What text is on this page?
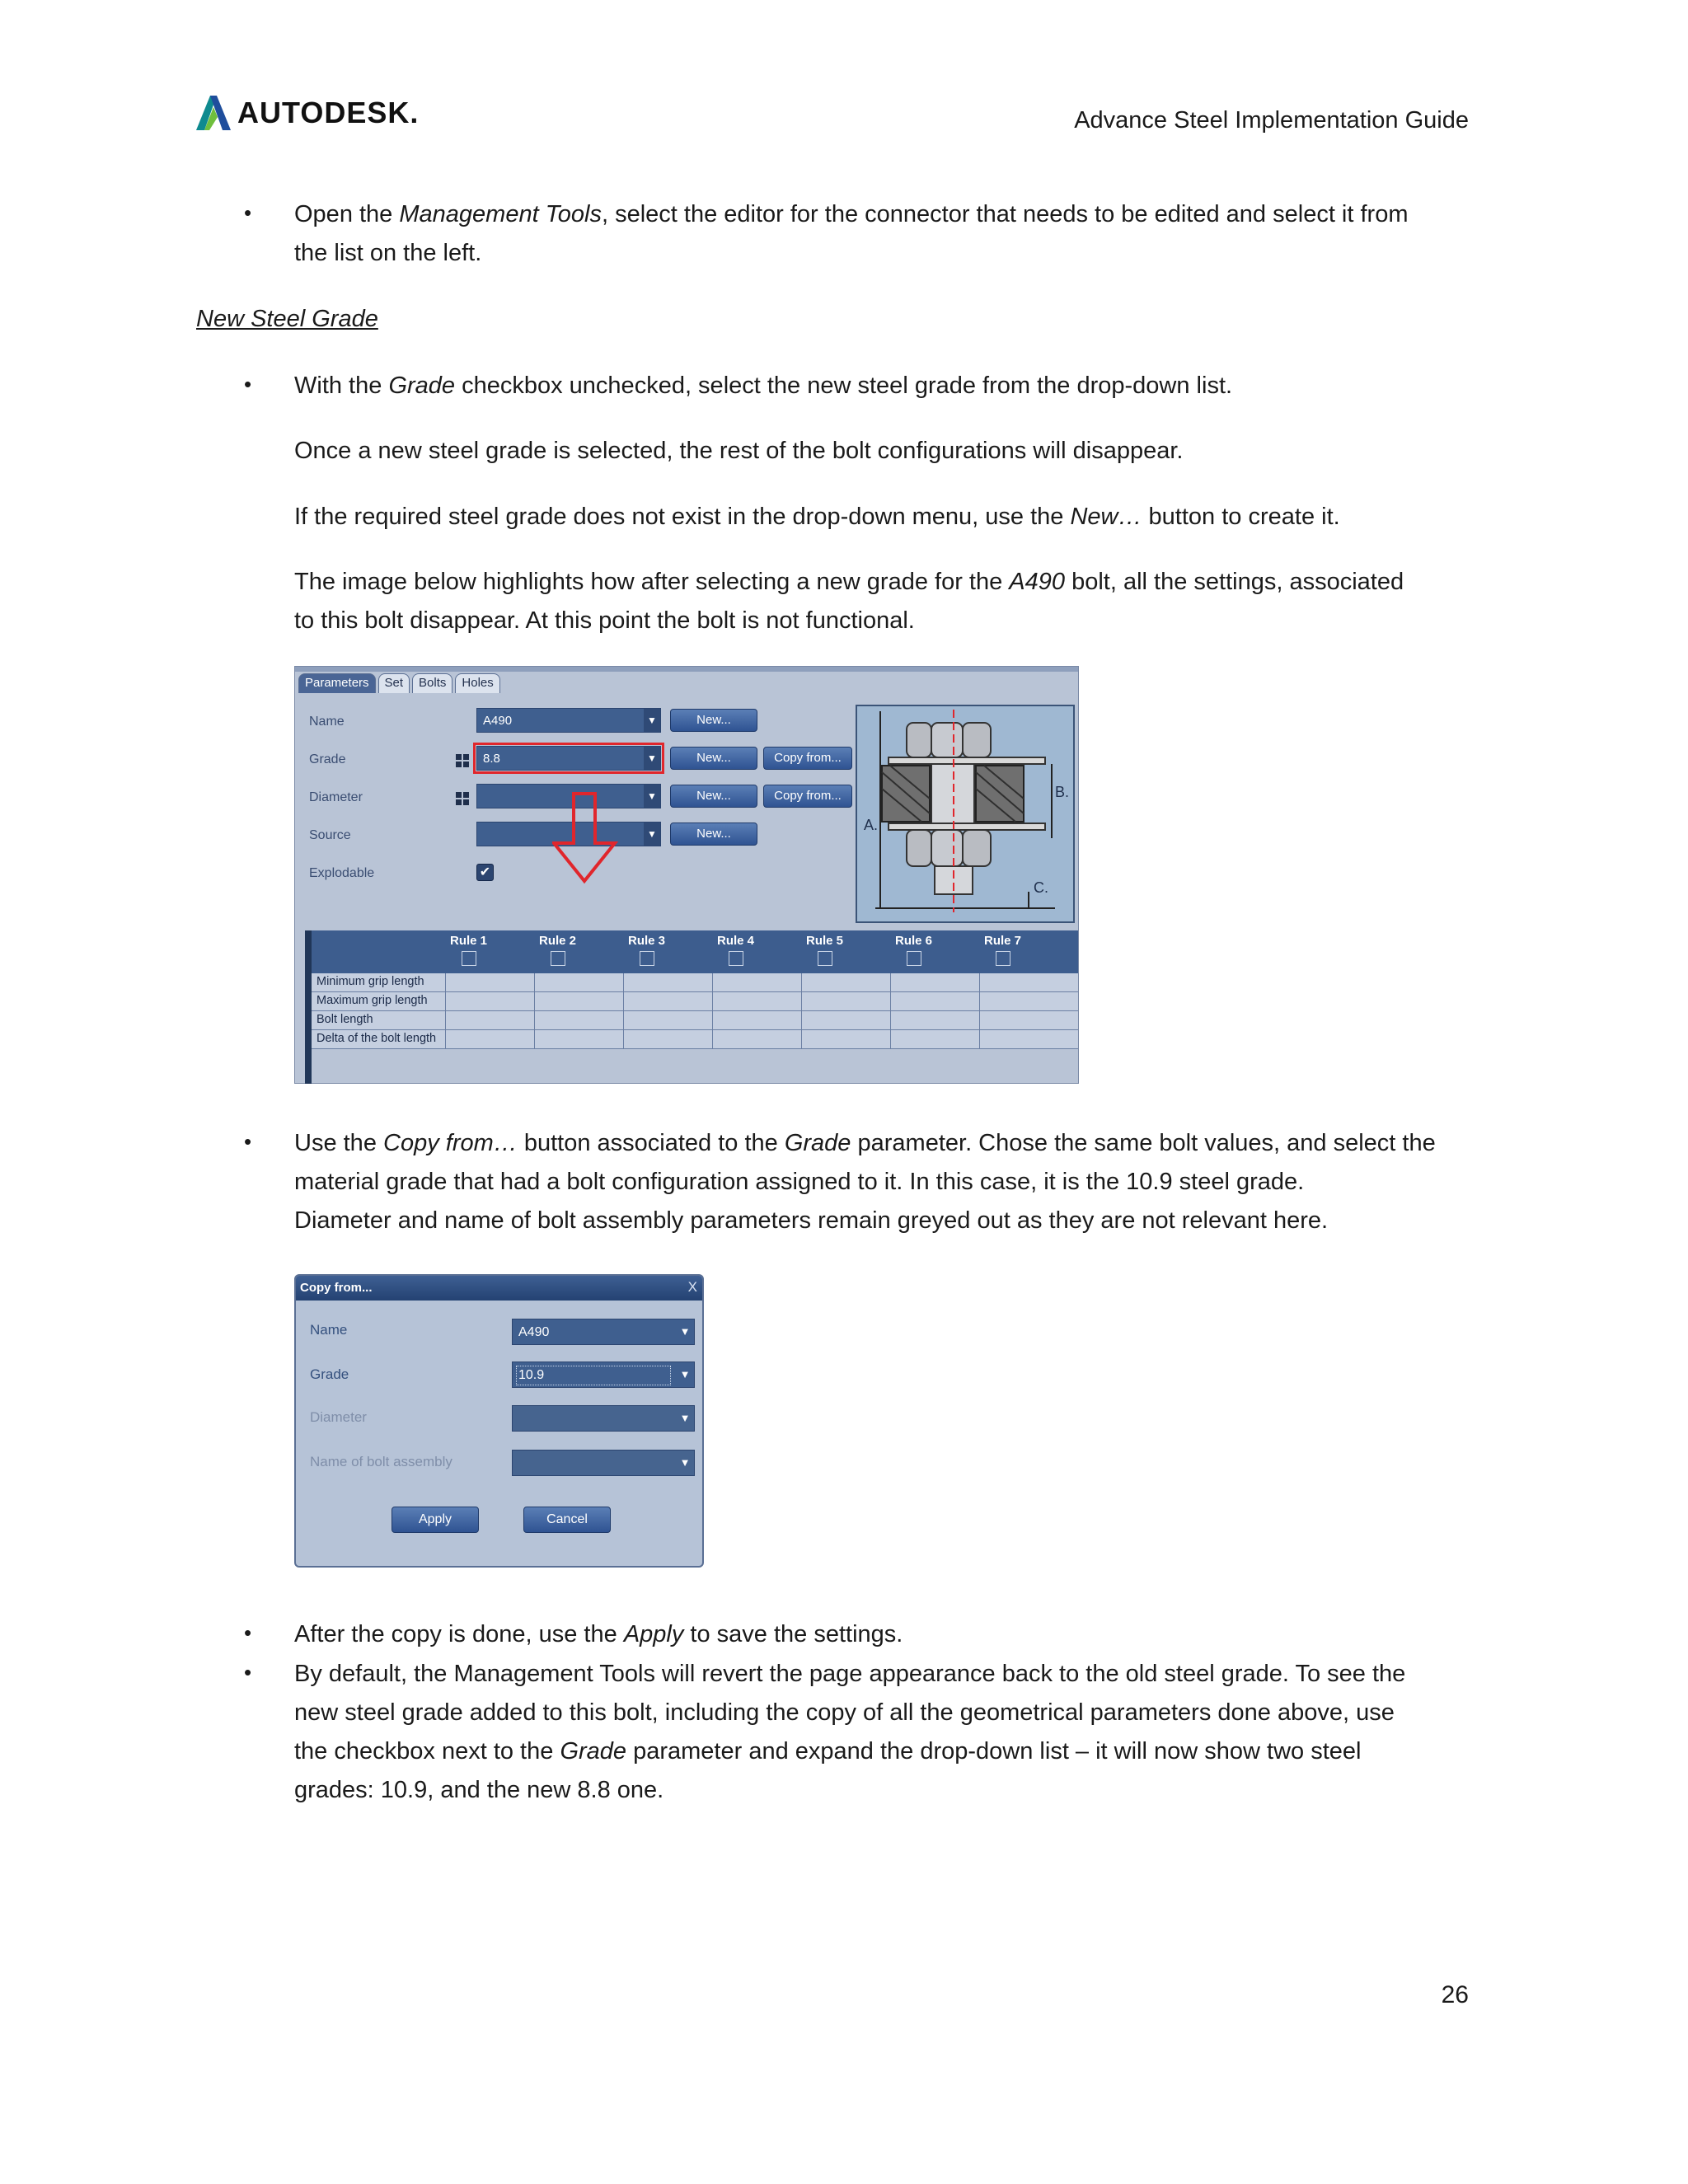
AUTODESK.	Advance Steel Implementation Guide
• Open the Management Tools, select the editor for the connector that needs to be edited and select it from
the list on the left.
New Steel Grade
• With the Grade checkbox unchecked, select the new steel grade from the drop-down list.
Once a new steel grade is selected, the rest of the bolt configurations will disappear.
If the required steel grade does not exist in the drop-down menu, use the New… button to create it.
The image below highlights how after selecting a new grade for the A490 bolt, all the settings, associated
to this bolt disappear. At this point the bolt is not functional.
Parameters	Set	Bolts	Holes
Name	A490	▼	New...
Grade	8.8	▼	New...	Copy from...
Diameter	▼	New...	Copy from...
Source	▼	New...
Explodable	✔
A.
B.
C.
Rule 1	Rule 2	Rule 3	Rule 4	Rule 5	Rule 6	Rule 7
Minimum grip length
Maximum grip length
Bolt length
Delta of the bolt length
• Use the Copy from… button associated to the Grade parameter. Chose the same bolt values, and select the
material grade that had a bolt configuration assigned to it. In this case, it is the 10.9 steel grade.
Diameter and name of bolt assembly parameters remain greyed out as they are not relevant here.
Copy from...	X
Name	A490	▼
Grade	10.9	▼
Diameter	▼
Name of bolt assembly	▼
Apply	Cancel
• After the copy is done, use the Apply to save the settings.
• By default, the Management Tools will revert the page appearance back to the old steel grade. To see the
new steel grade added to this bolt, including the copy of all the geometrical parameters done above, use
the checkbox next to the Grade parameter and expand the drop-down list – it will now show two steel
grades: 10.9, and the new 8.8 one.
26
